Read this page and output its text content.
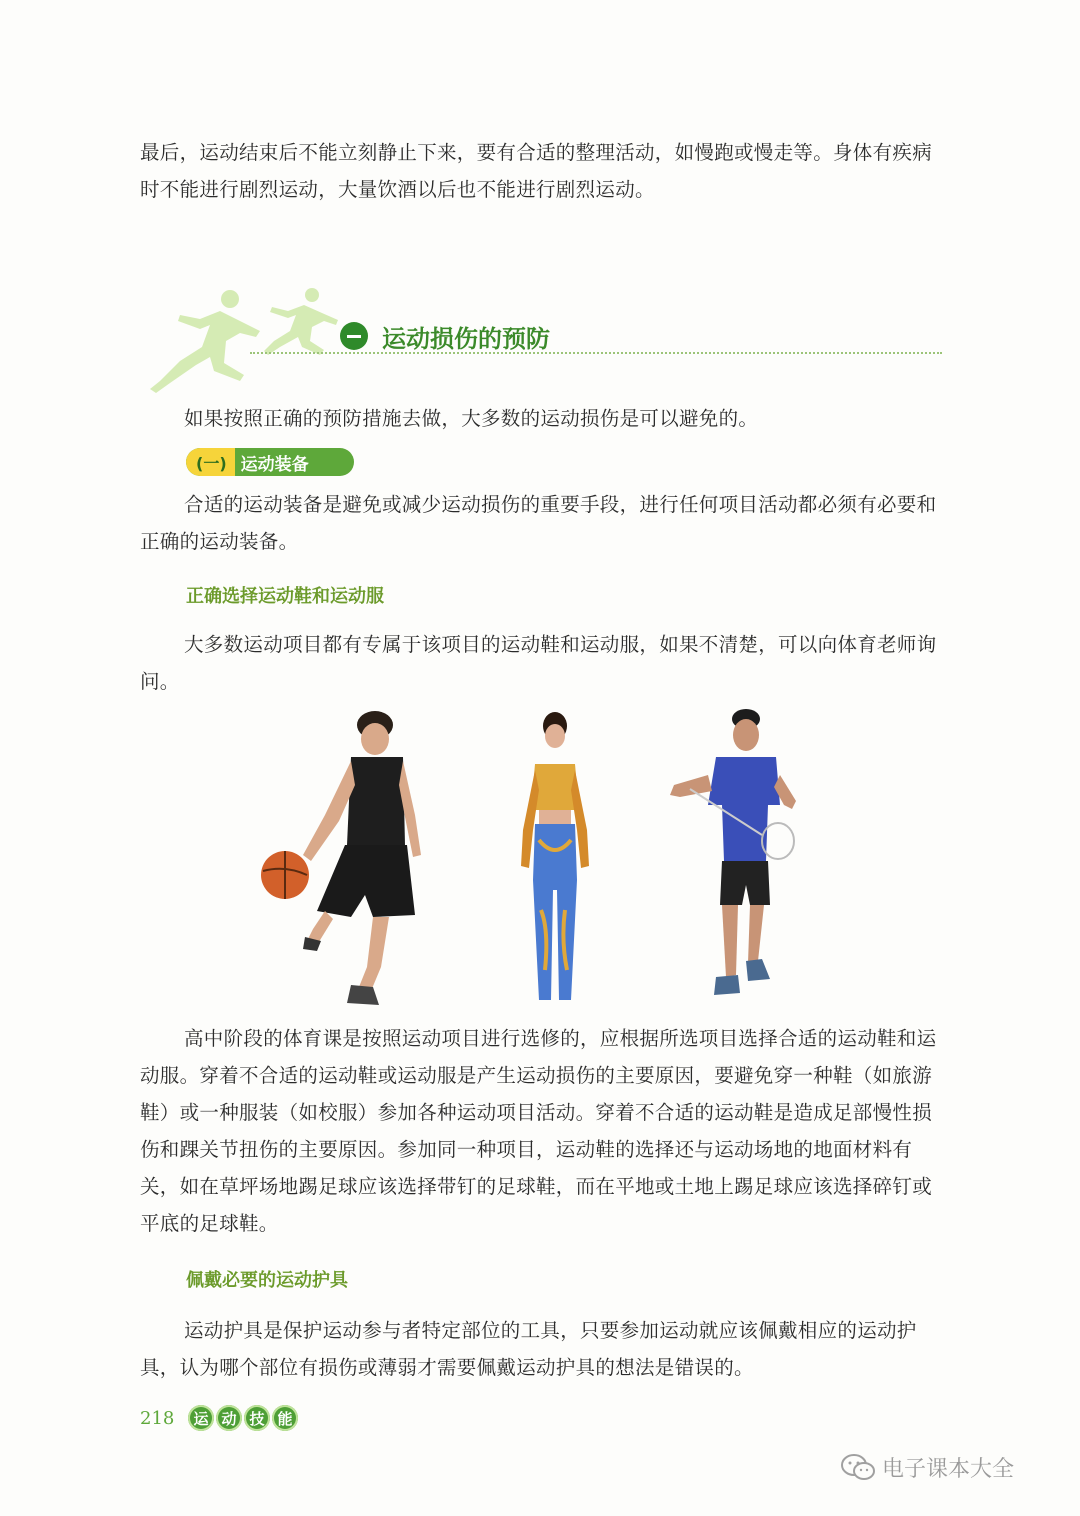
最后，运动结束后不能立刻静止下来，要有合适的整理活动，如慢跑或慢走等。身体有疾病时不能进行剧烈运动，大量饮酒以后也不能进行剧烈运动。

运动损伤的预防

如果按照正确的预防措施去做，大多数的运动损伤是可以避免的。

(一) 运动装备

合适的运动装备是避免或减少运动损伤的重要手段，进行任何项目活动都必须有必要和正确的运动装备。

正确选择运动鞋和运动服

大多数运动项目都有专属于该项目的运动鞋和运动服，如果不清楚，可以向体育老师询问。

高中阶段的体育课是按照运动项目进行选修的，应根据所选项目选择合适的运动鞋和运动服。穿着不合适的运动鞋或运动服是产生运动损伤的主要原因，要避免穿一种鞋（如旅游鞋）或一种服装（如校服）参加各种运动项目活动。穿着不合适的运动鞋是造成足部慢性损伤和踝关节扭伤的主要原因。参加同一种项目，运动鞋的选择还与运动场地的地面材料有关，如在草坪场地踢足球应该选择带钉的足球鞋，而在平地或土地上踢足球应该选择碎钉或平底的足球鞋。

佩戴必要的运动护具

运动护具是保护运动参与者特定部位的工具，只要参加运动就应该佩戴相应的运动护具，认为哪个部位有损伤或薄弱才需要佩戴运动护具的想法是错误的。

218	运 动 技 能
电子课本大全
